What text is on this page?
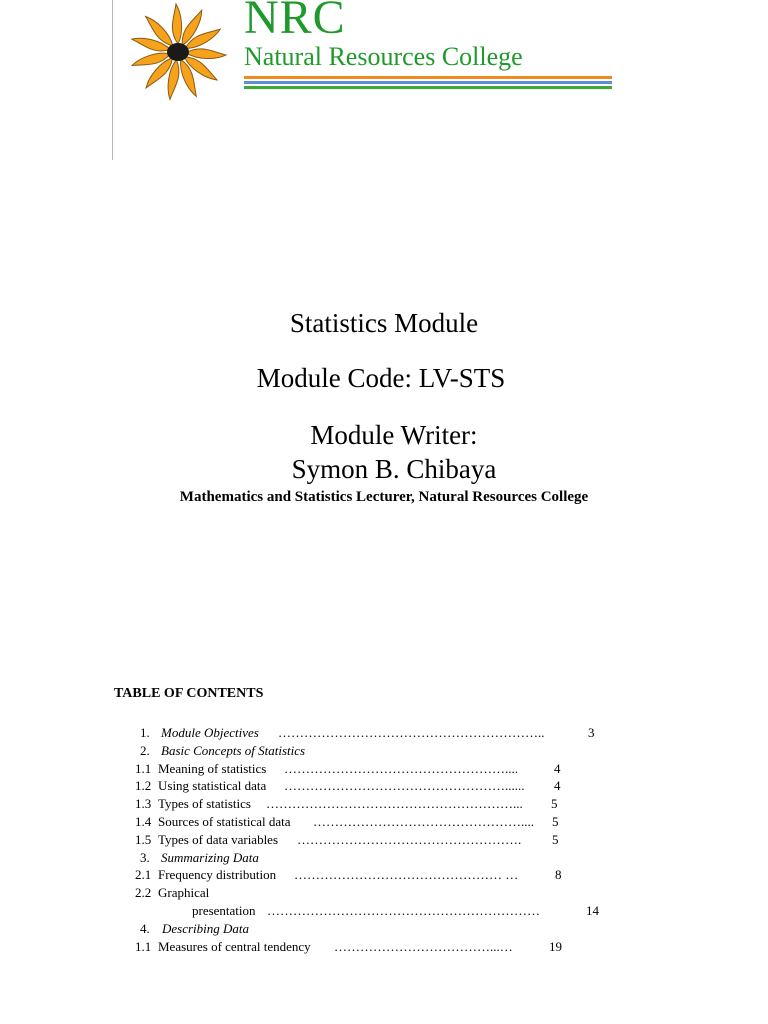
NRC
Natural Resources College
Statistics Module
Module Code: LV-STS
Module Writer:
Symon B. Chibaya
Mathematics and Statistics Lecturer, Natural Resources College
TABLE OF CONTENTS
1. Module Objectives ……………………………………………………..	3
2. Basic Concepts of Statistics
1.1 Meaning of statistics ……………………………………………....	4
1.2 Using statistical data ……………………………………………...... 4
1.3 Types of statistics …………………………………………………... 5
1.4 Sources of statistical data ………………………………………….... 5
1.5 Types of data variables ……………………………………………. 5
3. Summarizing Data
2.1 Frequency distribution ………………………………………… …	8
2.2 Graphical
presentation ………………………………………………………	14
4. Describing Data
1.1 Measures of central tendency ………………………………...…	19
